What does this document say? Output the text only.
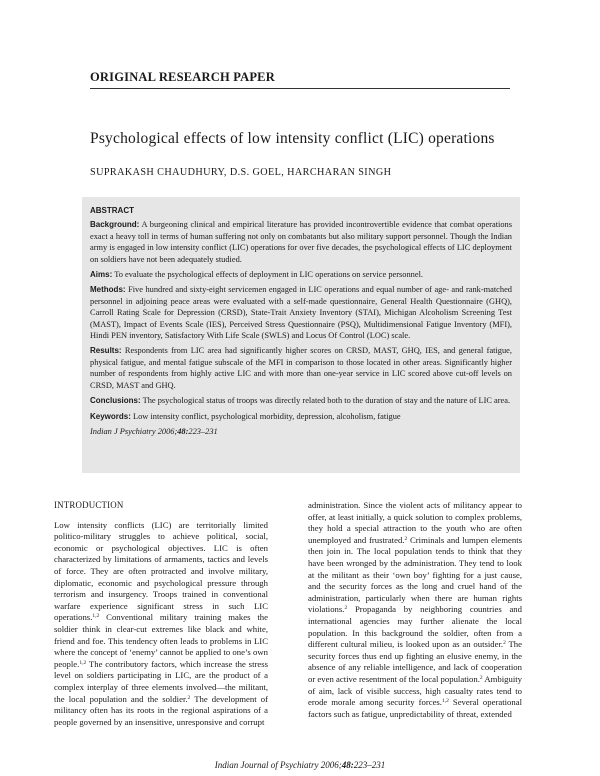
ORIGINAL RESEARCH PAPER
Psychological effects of low intensity conflict (LIC) operations
SUPRAKASH CHAUDHURY, D.S. GOEL, HARCHARAN SINGH
ABSTRACT

Background: A burgeoning clinical and empirical literature has provided incontrovertible evidence that combat operations exact a heavy toll in terms of human suffering not only on combatants but also military support personnel. Though the Indian army is engaged in low intensity conflict (LIC) operations for over five decades, the psychological effects of LIC deployment on soldiers have not been adequately studied.

Aims: To evaluate the psychological effects of deployment in LIC operations on service personnel.

Methods: Five hundred and sixty-eight servicemen engaged in LIC operations and equal number of age- and rank-matched personnel in adjoining peace areas were evaluated with a self-made questionnaire, General Health Questionnaire (GHQ), Carroll Rating Scale for Depression (CRSD), State-Trait Anxiety Inventory (STAI), Michigan Alcoholism Screening Test (MAST), Impact of Events Scale (IES), Perceived Stress Questionnaire (PSQ), Multidimensional Fatigue Inventory (MFI), Hindi PEN inventory, Satisfactory With Life Scale (SWLS) and Locus Of Control (LOC) scale.

Results: Respondents from LIC area had significantly higher scores on CRSD, MAST, GHQ, IES, and general fatigue, physical fatigue, and mental fatigue subscale of the MFI in comparison to those located in other areas. Significantly higher number of respondents from highly active LIC and with more than one-year service in LIC scored above cut-off levels on CRSD, MAST and GHQ.

Conclusions: The psychological status of troops was directly related both to the duration of stay and the nature of LIC area.

Keywords: Low intensity conflict, psychological morbidity, depression, alcoholism, fatigue

Indian J Psychiatry 2006;48:223–231

INTRODUCTION

Low intensity conflicts (LIC) are territorially limited politico-military struggles to achieve political, social, economic or psychological objectives. LIC is often characterized by limitations of armaments, tactics and levels of force. They are often protracted and involve military, diplomatic, economic and psychological pressure through terrorism and insurgency. Troops trained in conventional warfare experience significant stress in such LIC operations.$^{1,2}$ Conventional military training makes the soldier think in clear-cut extremes like black and white, friend and foe. This tendency often leads to problems in LIC where the concept of ‘enemy’ cannot be applied to one’s own people.$^{1,2}$ The contributory factors, which increase the stress level on soldiers participating in LIC, are the product of a complex interplay of three elements involved—the militant, the local population and the soldier.$^2$ The development of militancy often has its roots in the regional aspirations of a people governed by an insensitive, unresponsive and corrupt

administration. Since the violent acts of militancy appear to offer, at least initially, a quick solution to complex problems, they hold a special attraction to the youth who are often unemployed and frustrated.$^2$ Criminals and lumpen elements then join in. The local population tends to think that they have been wronged by the administration. They tend to look at the militant as their ‘own boy’ fighting for a just cause, and the security forces as the long and cruel hand of the administration, particularly when there are human rights violations.$^2$ Propaganda by neighboring countries and international agencies may further alienate the local population. In this background the soldier, often from a different cultural milieu, is looked upon as an outsider.$^2$ The security forces thus end up fighting an elusive enemy, in the absence of any reliable intelligence, and lack of cooperation or even active resentment of the local population.$^2$ Ambiguity of aim, lack of visible success, high casualty rates tend to erode morale among security forces.$^{1,2}$ Several operational factors such as fatigue, unpredictability of threat, extended

Indian Journal of Psychiatry 2006;48:223–231
